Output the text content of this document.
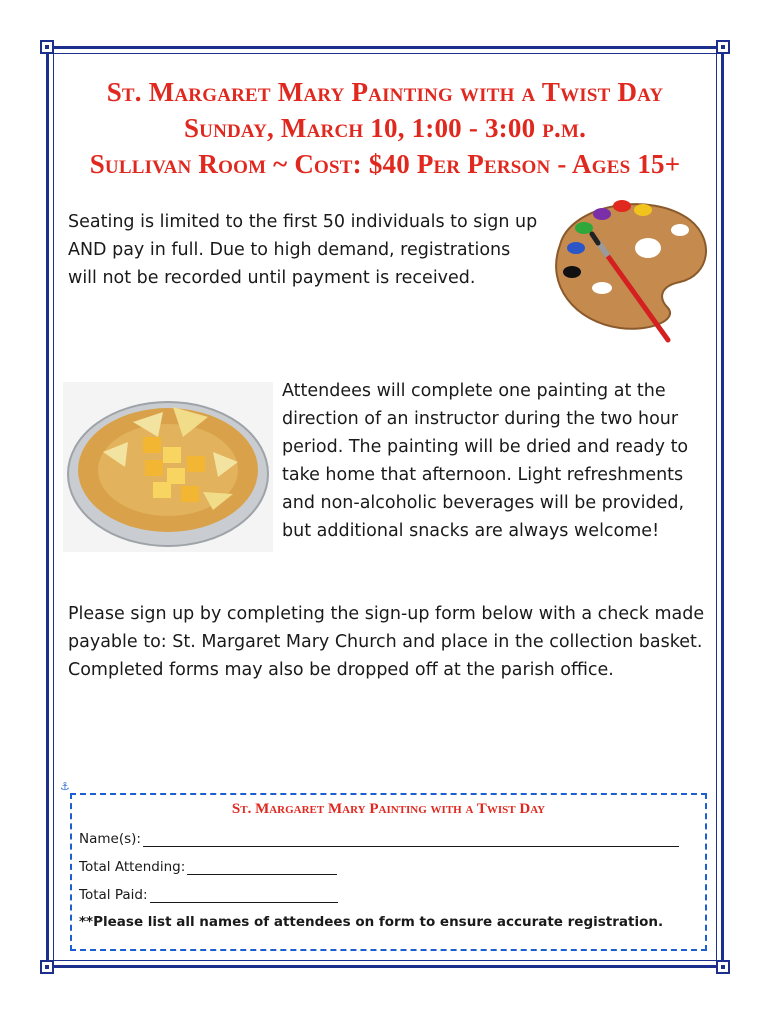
St. Margaret Mary Painting with a Twist Day
Sunday, March 10, 1:00 - 3:00 p.m.
Sullivan Room ~ Cost: $40 Per Person - Ages 15+
Seating is limited to the first 50 individuals to sign up AND pay in full. Due to high demand, registrations will not be recorded until payment is received.
Attendees will complete one painting at the direction of an instructor during the two hour period. The painting will be dried and ready to take home that afternoon. Light refreshments and non-alcoholic beverages will be provided, but additional snacks are always welcome!
Please sign up by completing the sign-up form below with a check made payable to: St. Margaret Mary Church and place in the collection basket. Completed forms may also be dropped off at the parish office.
⚓
St. Margaret Mary Painting with a Twist Day
Name(s):
Total Attending:
Total Paid:
**Please list all names of attendees on form to ensure accurate registration.
